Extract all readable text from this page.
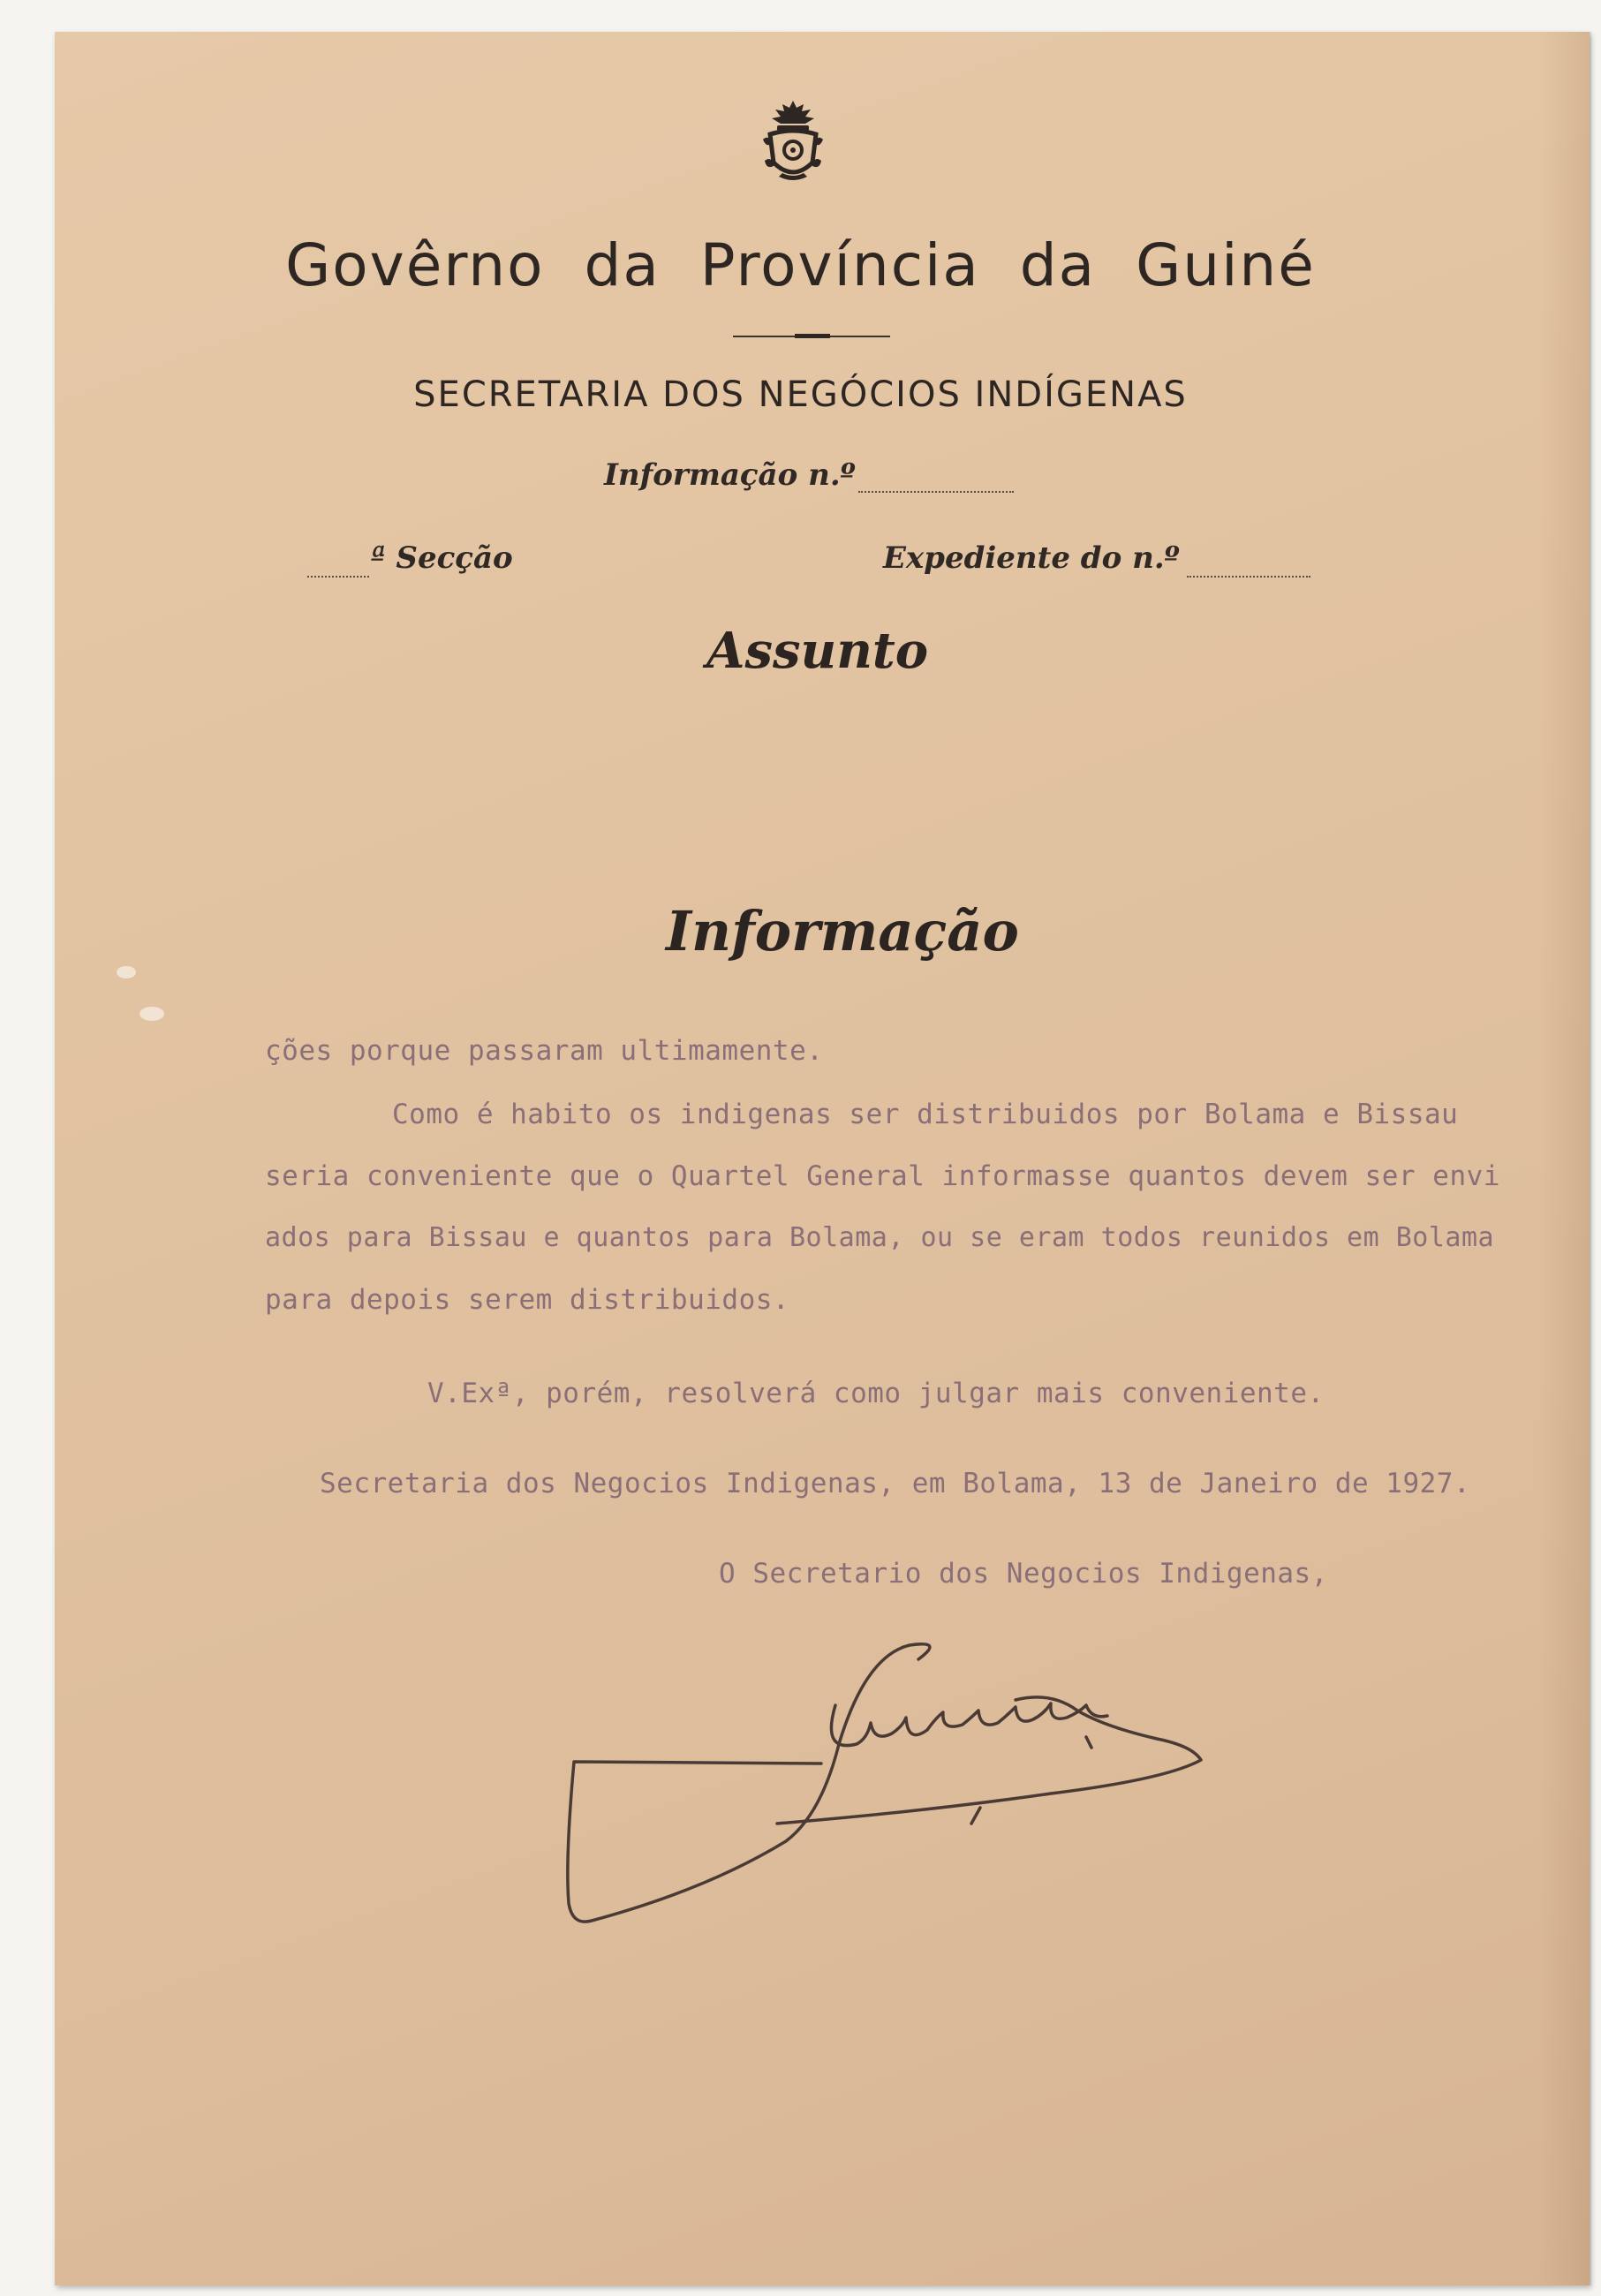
Govêrno da Província da Guiné
SECRETARIA DOS NEGÓCIOS INDÍGENAS
Informação n.º
ª Secção	Expediente do n.º
Assunto
Informação
ções porque passaram ultimamente.
Como é habito os indigenas ser distribuidos por Bolama e Bissau
seria conveniente que o Quartel General informasse quantos devem ser envi
ados para Bissau e quantos para Bolama, ou se eram todos reunidos em Bolama
para depois serem distribuidos.
V.Exª, porém, resolverá como julgar mais conveniente.
Secretaria dos Negocios Indigenas, em Bolama, 13 de Janeiro de 1927.
O Secretario dos Negocios Indigenas,
